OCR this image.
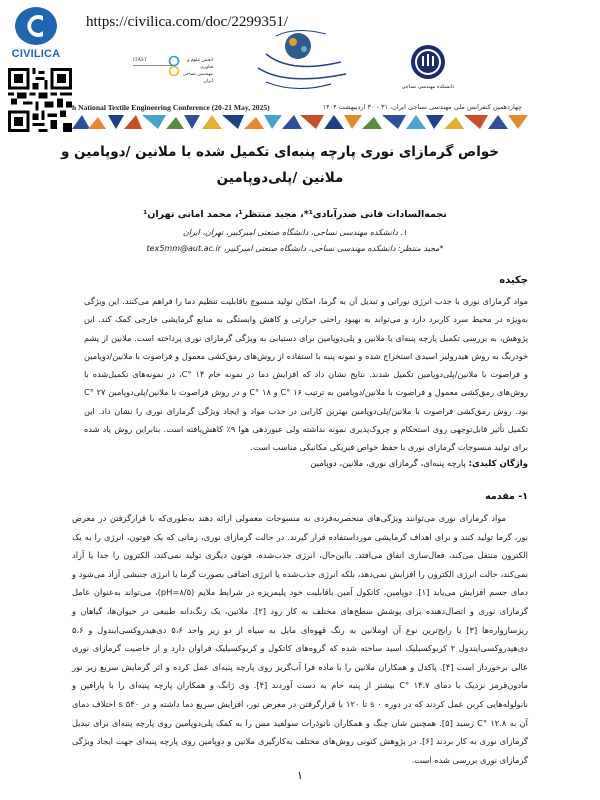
CIVILICA
https://civilica.com/doc/2299351/
ITAST	انجمن علوم و فناوری
مهندسی نساجی ایران
دانشکده مهندسی نساجی
h National Textile Engineering Conference (20-21 May, 2025)	چهاردهمین کنفرانس ملی مهندسی نساجی ایران، ۳۱ - ۳۰ اردیبهشت ۱۴۰۴
خواص گرمازای نوری پارچه پنبه‌ای تکمیل شده با ملانین /دوپامین و
ملانین /پلی‌دوپامین
نجمه‌السادات قانی صدرآبادی¹*، مجید منتظر¹، محمد امانی تهران¹
۱. دانشکده مهندسی نساجی، دانشگاه صنعتی امیرکبیر، تهران، ایران
*مجید منتظر: دانشکده مهندسی نساجی، دانشگاه صنعتی امیرکبیر، tex5mm@aut.ac.ir
چکیده
مواد گرمازای نوری با جذب انرژی نورانی و تبدیل آن به گرما، امکان تولید منسوج باقابلیت تنظیم دما را فراهم می‌کنند. این ویژگی به‌ویژه در محیط سرد کاربرد دارد و می‌تواند به بهبود راحتی حرارتی و کاهش وابستگی به منابع گرمایشی خارجی کمک کند. این پژوهش، به بررسی تکمیل پارچه پنبه‌ای با ملانین و پلی‌دوپامین برای دستیابی به ویژگی گرمازای نوری پرداخته است. ملانین از پشم خودرنگ به روش هیدرولیز اسیدی استخراج شده و نمونه پنبه با استفاده از روش‌های رمق‌کشی معمول و فراصوت با ملانین/دوپامین و فراصوت با ملانین/پلی‌دوپامین تکمیل شدند. نتایج نشان داد که افزایش دما در نمونه خام ۱۴ °C، در نمونه‌های تکمیل‌شده با روش‌های رمق‌کشی معمول و فراصوت با ملانین/دوپامین به ترتیب ۱۶ °C و ۱۸ °C و در روش فراصوت با ملانین/پلی‌دوپامین ۲۷ °C بود. روش رمق‌کشی فراصوت با ملانین/پلی‌دوپامین بهترین کارایی در جذب مواد و ایجاد ویژگی گرمازای نوری را نشان داد. این تکمیل تأثیر قابل‌توجهی روی استحکام و چروک‌پذیری نمونه نداشته ولی عبوردهی هوا ۹٪ کاهش‌یافته است. بنابراین روش یاد شده برای تولید منسوجات گرمازای نوری با حفظ خواص فیزیکی مکانیکی مناسب است.
واژگان کلیدی: پارچه پنبه‌ای، گرمازای نوری، ملانین، دوپامین
۱- مقدمه

مواد گرمازای نوری می‌توانند ویژگی‌های منحصربه‌فردی به منسوجات معمولی ارائه دهند به‌طوری‌که با قرارگرفتن در معرض نور، گرما تولید کنند و برای اهداف گرمایشی مورداستفاده قرار گیرند. در حالت گرمازای نوری، زمانی که یک فوتون، انرژی را به یک الکترون منتقل می‌کند، فعال‌سازی اتفاق می‌افتد. بااین‌حال، انرژی جذب‌شده، فوتون دیگری تولید نمی‌کند، الکترون را جدا یا آزاد نمی‌کند، حالت انرژی الکترون را افزایش نمی‌دهد، بلکه انرژی جذب‌شده یا انرژی اضافی بصورت گرما یا انرژی جنبشی آزاد می‌شود و دمای جسم افزایش می‌یابد [۱]. دوپامین، کاتکول آمین باقابلیت خود پلیمریزه در شرایط ملایم (pH=۸/۵)، می‌تواند به‌عنوان عامل گرمازای نوری و اتصال‌دهنده برای پوشش سطح‌های مختلف به کار رود [۲]. ملانین، یک رنگ‌دانه طبیعی در حیوان‌ها، گیاهان و ریزسازواره‌ها [۳] با رایج‌ترین نوع آن اوملانین به رنگ قهوه‌ای مایل به سیاه از دو زیر واحد ۵،۶ دی‌هیدروکسی‌ایندول و ۵،۶ دی‌هیدروکسی‌ایندول ۲ کربوکسیلیک اسید ساخته شده که گروه‌های کاتکول و کربوکسیلیک فراوان دارد و از خاصیت گرمازای نوری عالی برخوردار است [۴]. پاکدل و همکاران ملانین را با ماده فرا آب‌گریز روی پارچه پنبه‌ای عمل کرده و اثر گرمایش سریع زیر نور مادون‌قرمز نزدیک با دمای ۱۴.۷ °C بیشتر از پنبه خام به دست آوردند [۴]. وی ژانگ و همکاران پارچه پنبه‌ای را با پارافین و نانولوله‌هایی کربن عمل کردند که در دوره s ۰ تا ۱۲۰ با قرارگرفتن در معرض نور، افزایش سریع دما داشته و در s ۵۴۰ اختلاف دمای آن به ۱۲.۸ °C رسید [۵]. همچنین شان چنگ و همکاران نانوذرات سولفید مس را به کمک پلی‌دوپامین روی پارچه پنبه‌ای برای تبدیل گرمازای نوری به کار بردند [۶]. در پژوهش کنونی روش‌های مختلف به‌کارگیری ملانین و دوپامین روی پارچه پنبه‌ای جهت ایجاد ویژگی گرمازای نوری بررسی شده است.

۱
